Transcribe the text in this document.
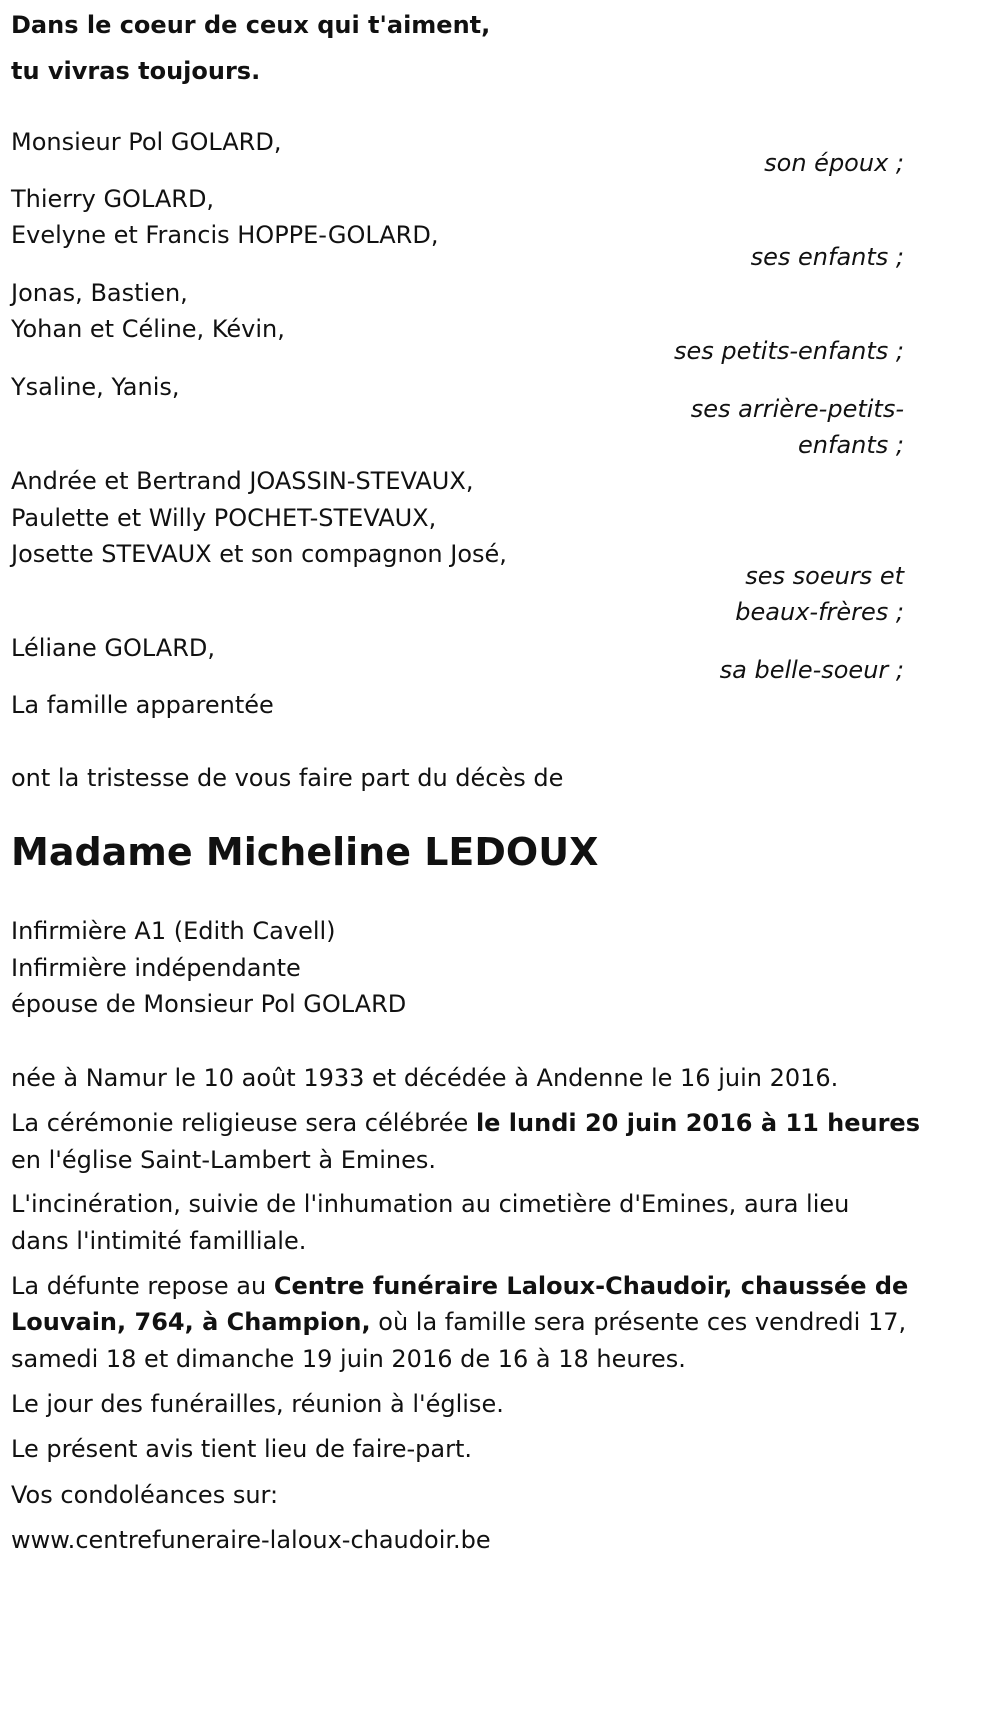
Dans le coeur de ceux qui t'aiment,
tu vivras toujours.
Monsieur Pol GOLARD,
son époux ;
Thierry GOLARD,
Evelyne et Francis HOPPE-GOLARD,
ses enfants ;
Jonas, Bastien,
Yohan et Céline, Kévin,
ses petits-enfants ;
Ysaline, Yanis,
ses arrière-petits-
enfants ;
Andrée et Bertrand JOASSIN-STEVAUX,
Paulette et Willy POCHET-STEVAUX,
Josette STEVAUX et son compagnon José,
ses soeurs et
beaux-frères ;
Léliane GOLARD,
sa belle-soeur ;
La famille apparentée
ont la tristesse de vous faire part du décès de
Madame Micheline LEDOUX
Infirmière A1 (Edith Cavell)
Infirmière indépendante
épouse de Monsieur Pol GOLARD
née à Namur le 10 août 1933 et décédée à Andenne le 16 juin 2016.
La cérémonie religieuse sera célébrée le lundi 20 juin 2016 à 11 heures
en l'église Saint-Lambert à Emines.
L'incinération, suivie de l'inhumation au cimetière d'Emines, aura lieu
dans l'intimité familliale.
La défunte repose au Centre funéraire Laloux-Chaudoir, chaussée de
Louvain, 764, à Champion, où la famille sera présente ces vendredi 17,
samedi 18 et dimanche 19 juin 2016 de 16 à 18 heures.
Le jour des funérailles, réunion à l'église.
Le présent avis tient lieu de faire-part.
Vos condoléances sur:
www.centrefuneraire-laloux-chaudoir.be
